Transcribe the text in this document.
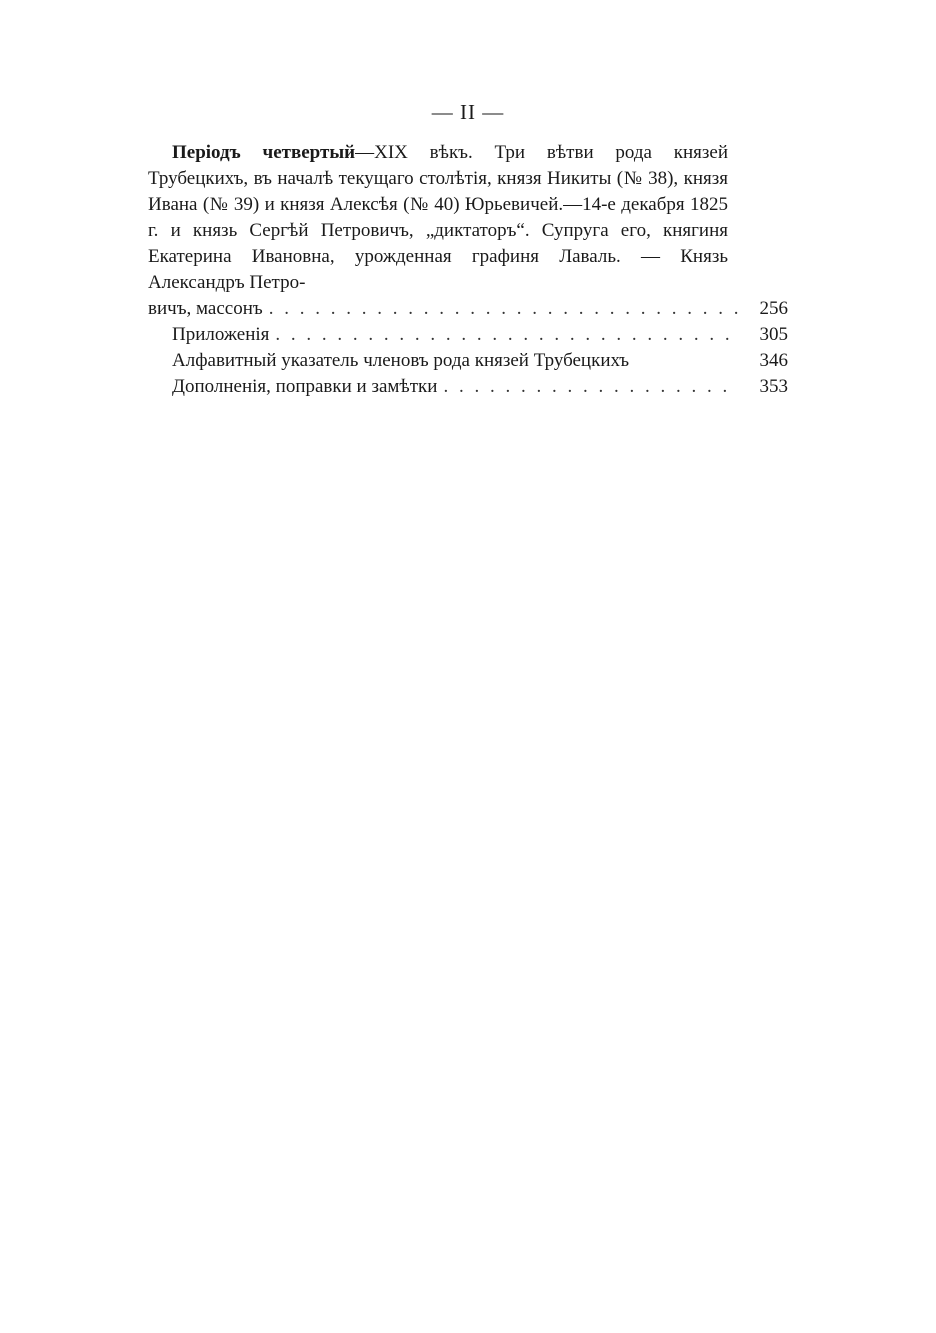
— II —
Періодъ четвертый—XIX вѣкъ. Три вѣтви рода князей Трубецкихъ, въ началѣ текущаго столѣтія, князя Никиты (№ 38), князя Ивана (№ 39) и князя Алексѣя (№ 40) Юрьевичей.—14-е декабря 1825 г. и князь Сергѣй Петровичъ, „диктаторъ“. Супруга его, княгиня Екатерина Ивановна, урожденная графиня Лаваль. — Князь Александръ Петро-
вичъ, массонъ . . .	256
Приложенія . . .	305
Алфавитный указатель членовъ рода князей Трубецкихъ	346
Дополненія, поправки и замѣтки . . .	353
